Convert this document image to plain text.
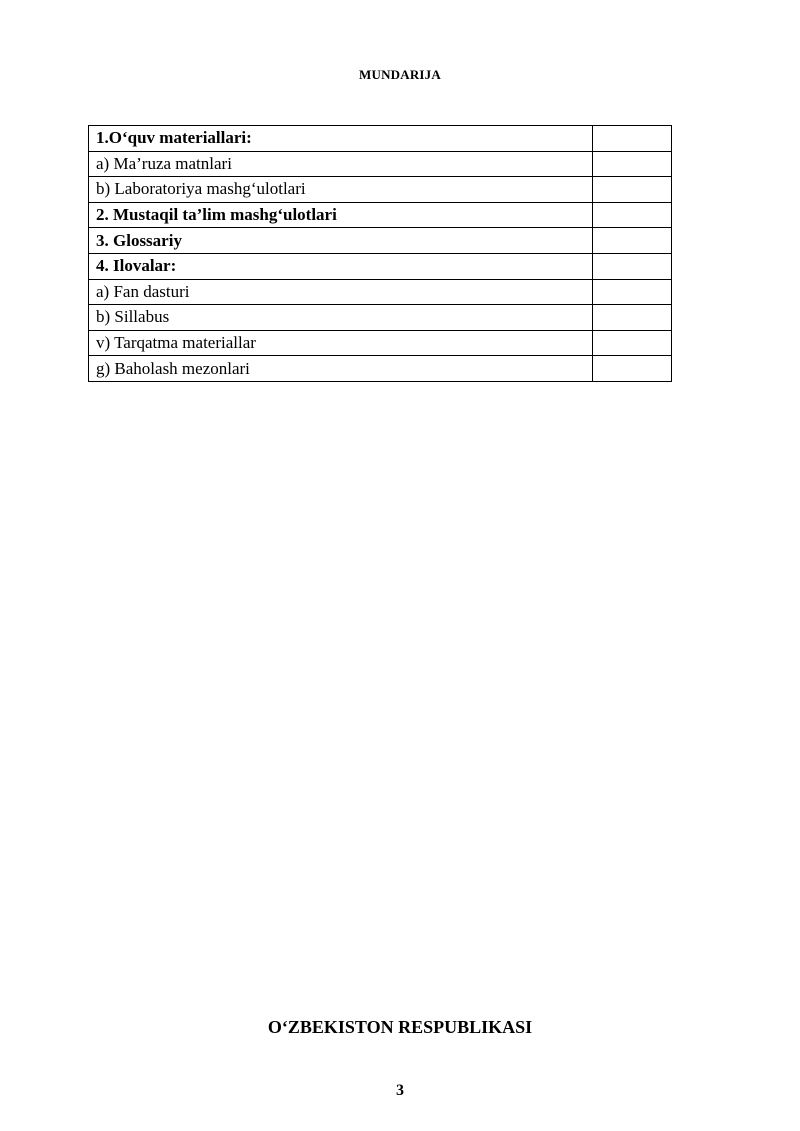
MUNDARIJA
1.O‘quv materiallari:	
a) Ma’ruza matnlari	
b) Laboratoriya mashg‘ulotlari	
2. Mustaqil ta’lim mashg‘ulotlari	
3. Glossariy	
4. Ilovalar:	
a) Fan dasturi	
b) Sillabus	
v) Tarqatma materiallar	
g) Baholash mezonlari	
O‘ZBEKISTON RESPUBLIKASI
3
